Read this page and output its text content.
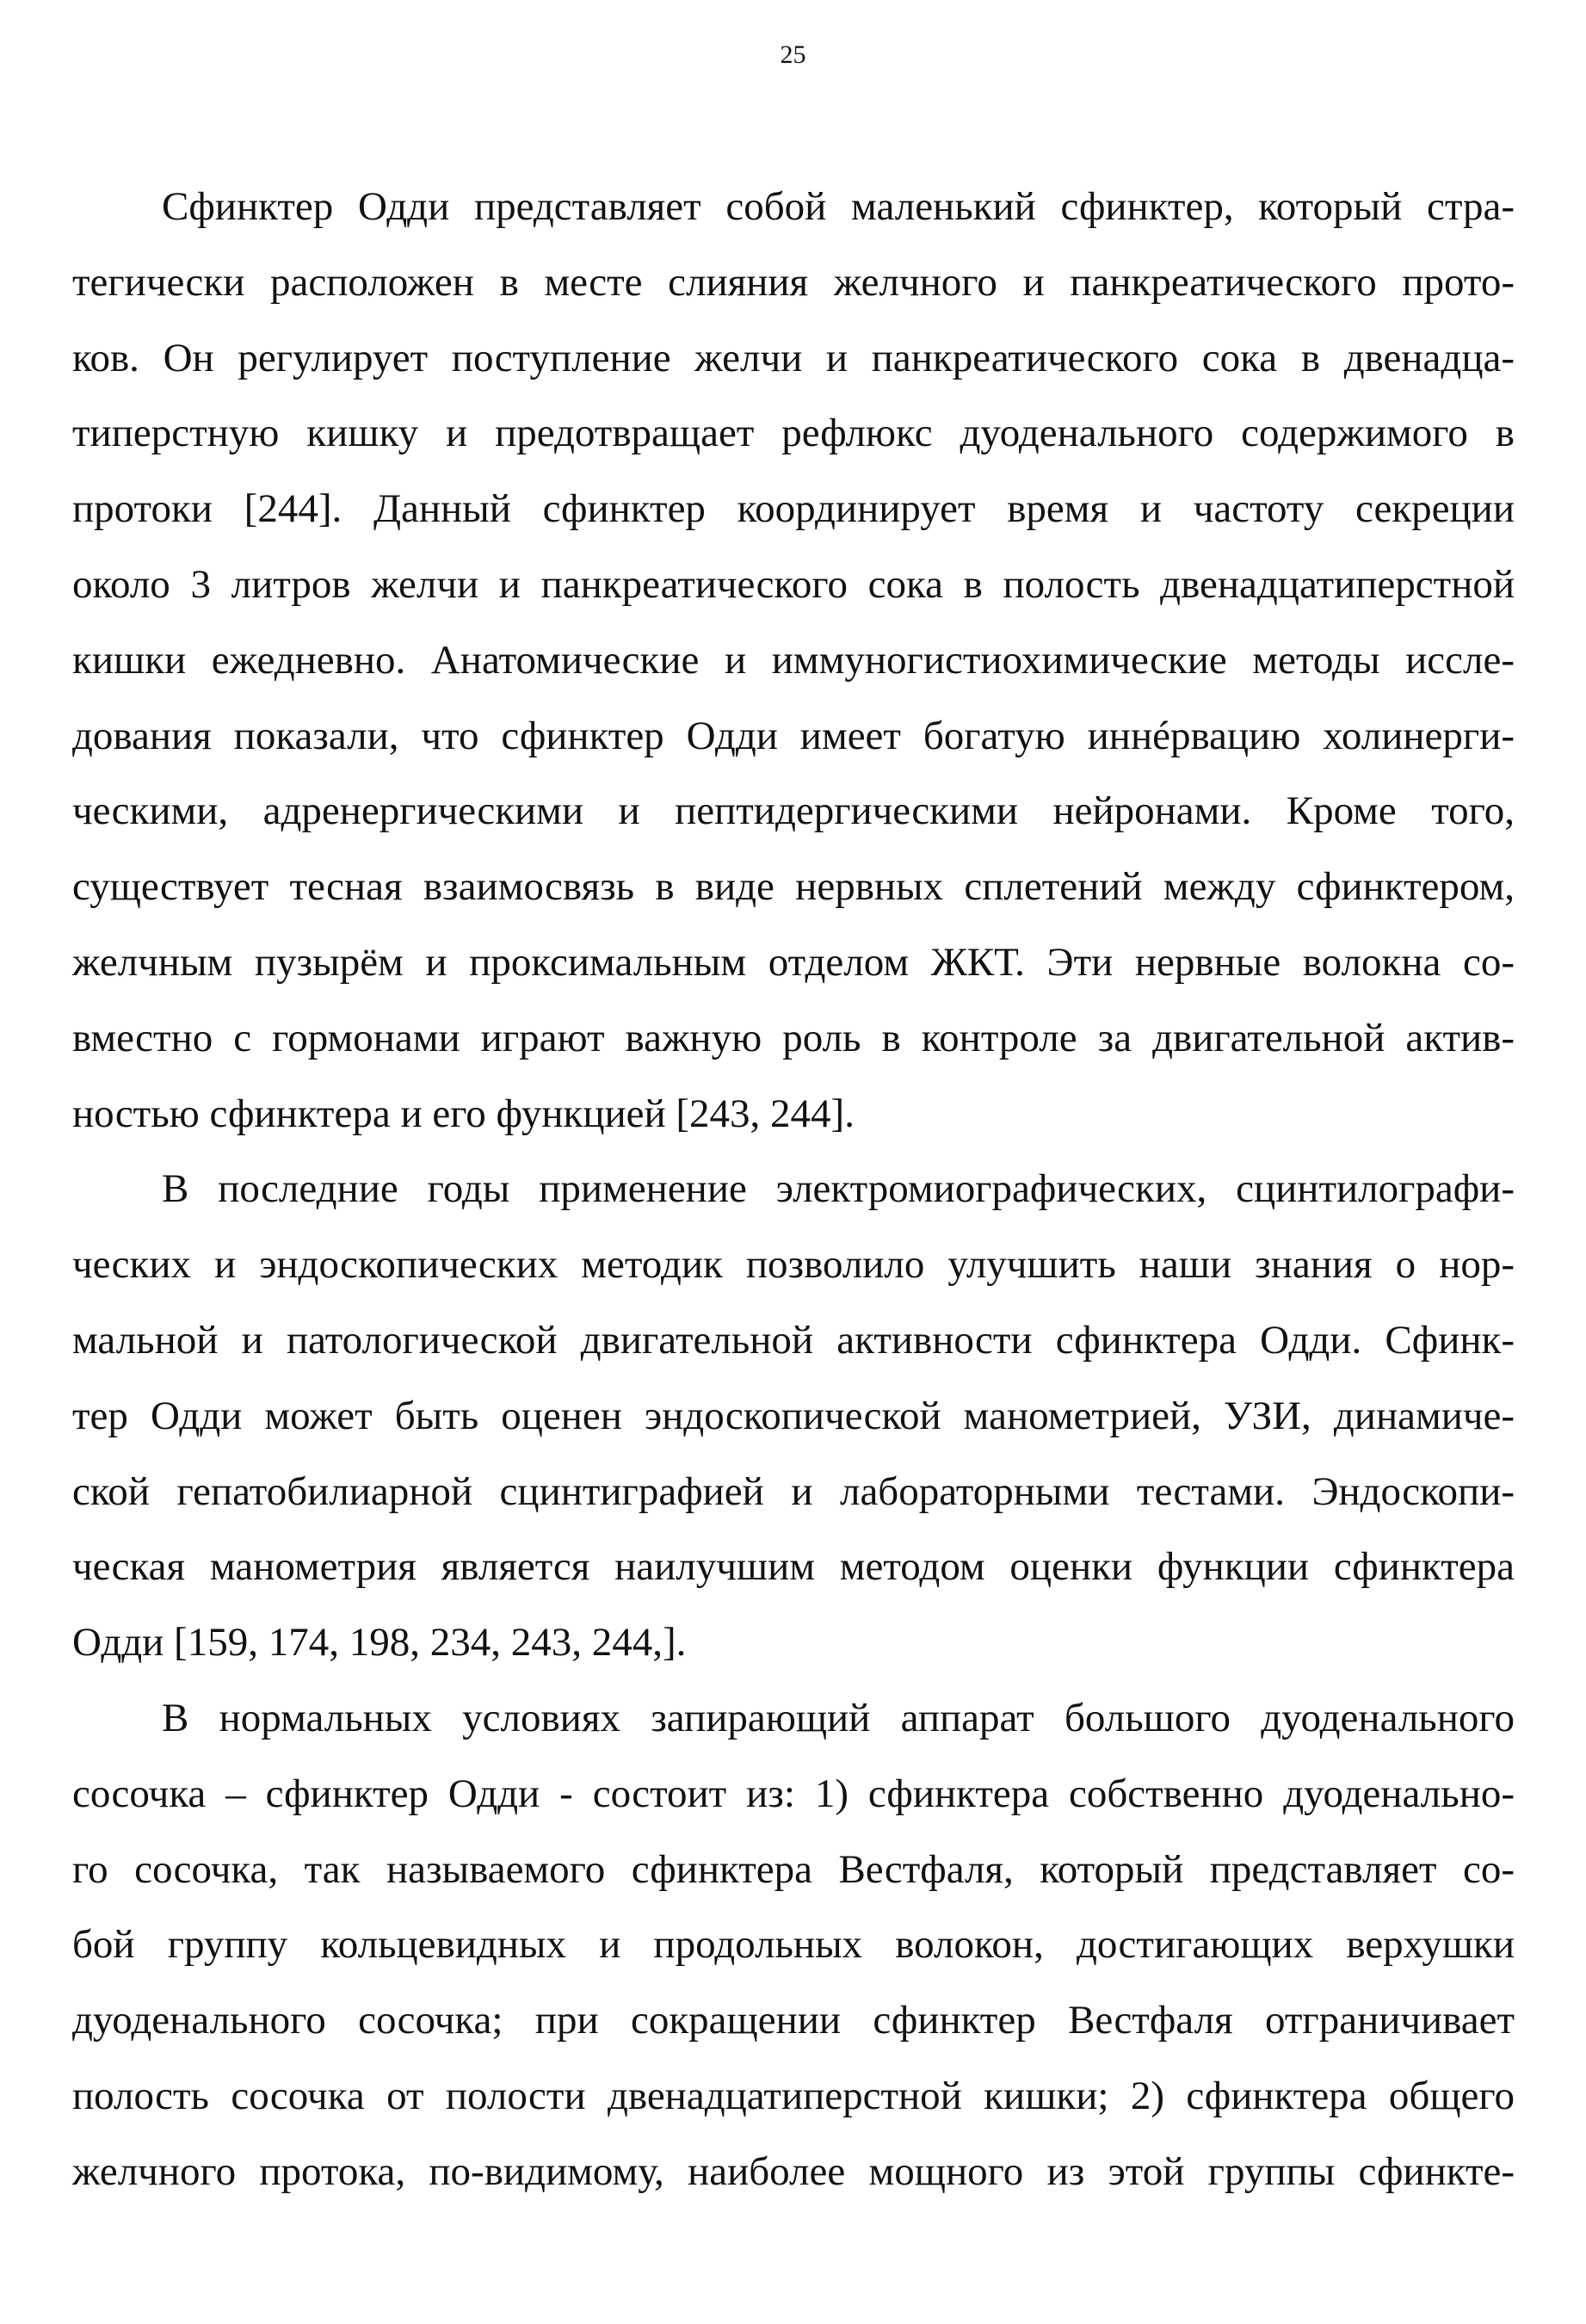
25
Сфинктер Одди представляет собой маленький сфинктер, который стра-
тегически расположен в месте слияния желчного и панкреатического прото-
ков. Он регулирует поступление желчи и панкреатического сока в двенадца-
типерстную кишку и предотвращает рефлюкс дуоденального содержимого в
протоки [244]. Данный сфинктер координирует время и частоту секреции
около 3 литров желчи и панкреатического сока в полость двенадцатиперстной
кишки ежедневно. Анатомические и иммуногистиохимические методы иссле-
дования показали, что сфинктер Одди имеет богатую иннéрвацию холинерги-
ческими, адренергическими и пептидергическими нейронами. Кроме того,
существует тесная взаимосвязь в виде нервных сплетений между сфинктером,
желчным пузырём и проксимальным отделом ЖКТ. Эти нервные волокна со-
вместно с гормонами играют важную роль в контроле за двигательной актив-
ностью сфинктера и его функцией [243, 244].
В последние годы применение электромиографических, сцинтилографи-
ческих и эндоскопических методик позволило улучшить наши знания о нор-
мальной и патологической двигательной активности сфинктера Одди. Сфинк-
тер Одди может быть оценен эндоскопической манометрией, УЗИ, динамиче-
ской гепатобилиарной сцинтиграфией и лабораторными тестами. Эндоскопи-
ческая манометрия является наилучшим методом оценки функции сфинктера
Одди [159, 174, 198, 234, 243, 244,].
В нормальных условиях запирающий аппарат большого дуоденального
сосочка – сфинктер Одди - состоит из: 1) сфинктера собственно дуоденально-
го сосочка, так называемого сфинктера Вестфаля, который представляет со-
бой группу кольцевидных и продольных волокон, достигающих верхушки
дуоденального сосочка; при сокращении сфинктер Вестфаля отграничивает
полость сосочка от полости двенадцатиперстной кишки; 2) сфинктера общего
желчного протока, по-видимому, наиболее мощного из этой группы сфинкте-
